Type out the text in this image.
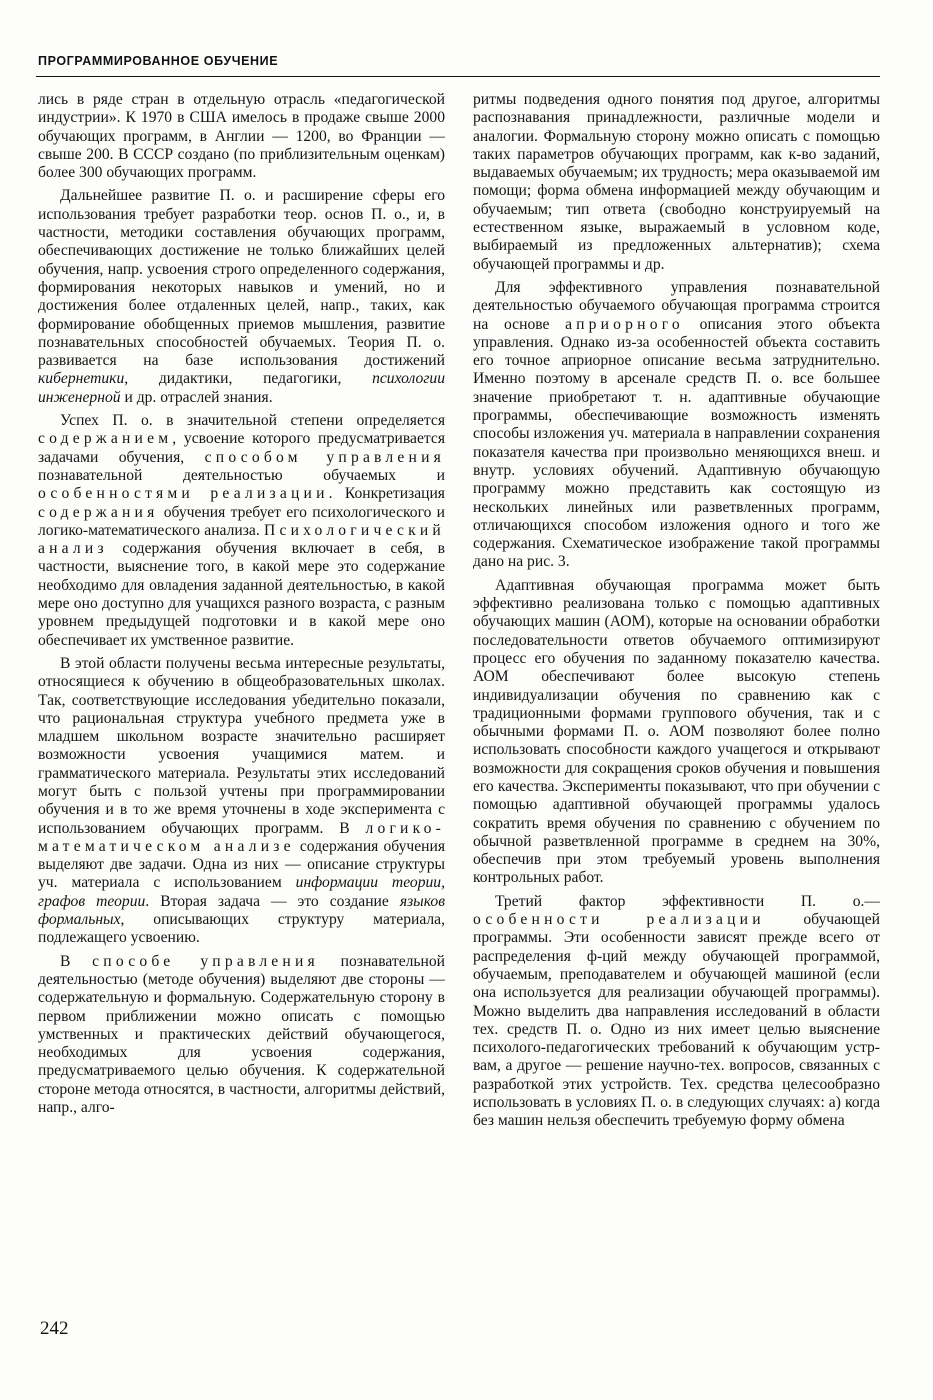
ПРОГРАММИРОВАННОЕ ОБУЧЕНИЕ

лись в ряде стран в отдельную отрасль «педагогической индустрии». К 1970 в США имелось в продаже свыше 2000 обучающих программ, в Англии — 1200, во Франции — свыше 200. В СССР создано (по приблизительным оценкам) более 300 обучающих программ.

Дальнейшее развитие П. о. и расширение сферы его использования требует разработки теор. основ П. о., и, в частности, методики составления обучающих программ, обеспечивающих достижение не только ближайших целей обучения, напр. усвоения строго определенного содержания, формирования некоторых навыков и умений, но и достижения более отдаленных целей, напр., таких, как формирование обобщенных приемов мышления, развитие познавательных способностей обучаемых. Теория П. о. развивается на базе использования достижений кибернетики, дидактики, педагогики, психологии инженерной и др. отраслей знания.

Успех П. о. в значительной степени определяется содержанием, усвоение которого предусматривается задачами обучения, способом управления познавательной деятельностью обучаемых и особенностями реализации. Конкретизация содержания обучения требует его психологического и логико-математического анализа. Психологический анализ содержания обучения включает в себя, в частности, выяснение того, в какой мере это содержание необходимо для овладения заданной деятельностью, в какой мере оно доступно для учащихся разного возраста, с разным уровнем предыдущей подготовки и в какой мере оно обеспечивает их умственное развитие.

В этой области получены весьма интересные результаты, относящиеся к обучению в общеобразовательных школах. Так, соответствующие исследования убедительно показали, что рациональная структура учебного предмета уже в младшем школьном возрасте значительно расширяет возможности усвоения учащимися матем. и грамматического материала. Результаты этих исследований могут быть с пользой учтены при программировании обучения и в то же время уточнены в ходе эксперимента с использованием обучающих программ. В логико-математическом анализе содержания обучения выделяют две задачи. Одна из них — описание структуры уч. материала с использованием информации теории, графов теории. Вторая задача — это создание языков формальных, описывающих структуру материала, подлежащего усвоению.

В способе управления познавательной деятельностью (методе обучения) выделяют две стороны — содержательную и формальную. Содержательную сторону в первом приближении можно описать с помощью умственных и практических действий обучающегося, необходимых для усвоения содержания, предусматриваемого целью обучения. К содержательной стороне метода относятся, в частности, алгоритмы действий, напр., алго-

ритмы подведения одного понятия под другое, алгоритмы распознавания принадлежности, различные модели и аналогии. Формальную сторону можно описать с помощью таких параметров обучающих программ, как к-во заданий, выдаваемых обучаемым; их трудность; мера оказываемой им помощи; форма обмена информацией между обучающим и обучаемым; тип ответа (свободно конструируемый на естественном языке, выражаемый в условном коде, выбираемый из предложенных альтернатив); схема обучающей программы и др.

Для эффективного управления познавательной деятельностью обучаемого обучающая программа строится на основе априорного описания этого объекта управления. Однако из-за особенностей объекта составить его точное априорное описание весьма затруднительно. Именно поэтому в арсенале средств П. о. все большее значение приобретают т. н. адаптивные обучающие программы, обеспечивающие возможность изменять способы изложения уч. материала в направлении сохранения показателя качества при произвольно меняющихся внеш. и внутр. условиях обучений. Адаптивную обучающую программу можно представить как состоящую из нескольких линейных или разветвленных программ, отличающихся способом изложения одного и того же содержания. Схематическое изображение такой программы дано на рис. 3.

Адаптивная обучающая программа может быть эффективно реализована только с помощью адаптивных обучающих машин (АОМ), которые на основании обработки последовательности ответов обучаемого оптимизируют процесс его обучения по заданному показателю качества. АОМ обеспечивают более высокую степень индивидуализации обучения по сравнению как с традиционными формами группового обучения, так и с обычными формами П. о. АОМ позволяют более полно использовать способности каждого учащегося и открывают возможности для сокращения сроков обучения и повышения его качества. Эксперименты показывают, что при обучении с помощью адаптивной обучающей программы удалось сократить время обучения по сравнению с обучением по обычной разветвленной программе в среднем на 30%, обеспечив при этом требуемый уровень выполнения контрольных работ.

Третий фактор эффективности П. о.— особенности реализации обучающей программы. Эти особенности зависят прежде всего от распределения ф-ций между обучающей программой, обучаемым, преподавателем и обучающей машиной (если она используется для реализации обучающей программы). Можно выделить два направления исследований в области тех. средств П. о. Одно из них имеет целью выяснение психолого-педагогических требований к обучающим устр-вам, а другое — решение научно-тех. вопросов, связанных с разработкой этих устройств. Тех. средства целесообразно использовать в условиях П. о. в следующих случаях: а) когда без машин нельзя обеспечить требуемую форму обмена

242
